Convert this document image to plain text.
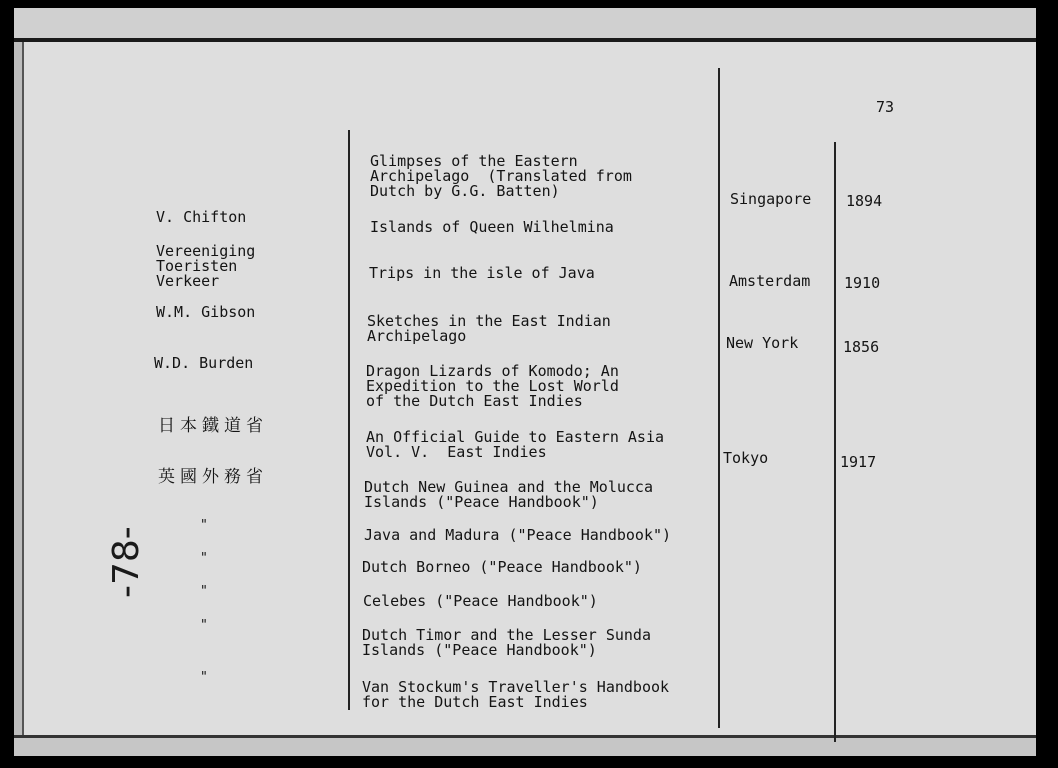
73
V. Chifton
Vereeniging
Toeristen
Verkeer
W.M. Gibson
W.D. Burden
日本鐵道省
英國外務省
"
"
"
"
"
Glimpses of the Eastern
Archipelago  (Translated from
Dutch by G.G. Batten)
Islands of Queen Wilhelmina
Trips in the isle of Java
Sketches in the East Indian
Archipelago
Dragon Lizards of Komodo; An
Expedition to the Lost World
of the Dutch East Indies
An Official Guide to Eastern Asia
Vol. V.  East Indies
Dutch New Guinea and the Molucca
Islands ("Peace Handbook")
Java and Madura ("Peace Handbook")
Dutch Borneo ("Peace Handbook")
Celebes ("Peace Handbook")
Dutch Timor and the Lesser Sunda
Islands ("Peace Handbook")
Van Stockum's Traveller's Handbook
for the Dutch East Indies
Singapore
Amsterdam
New York
Tokyo
1894
1910
1856
1917
-78-
